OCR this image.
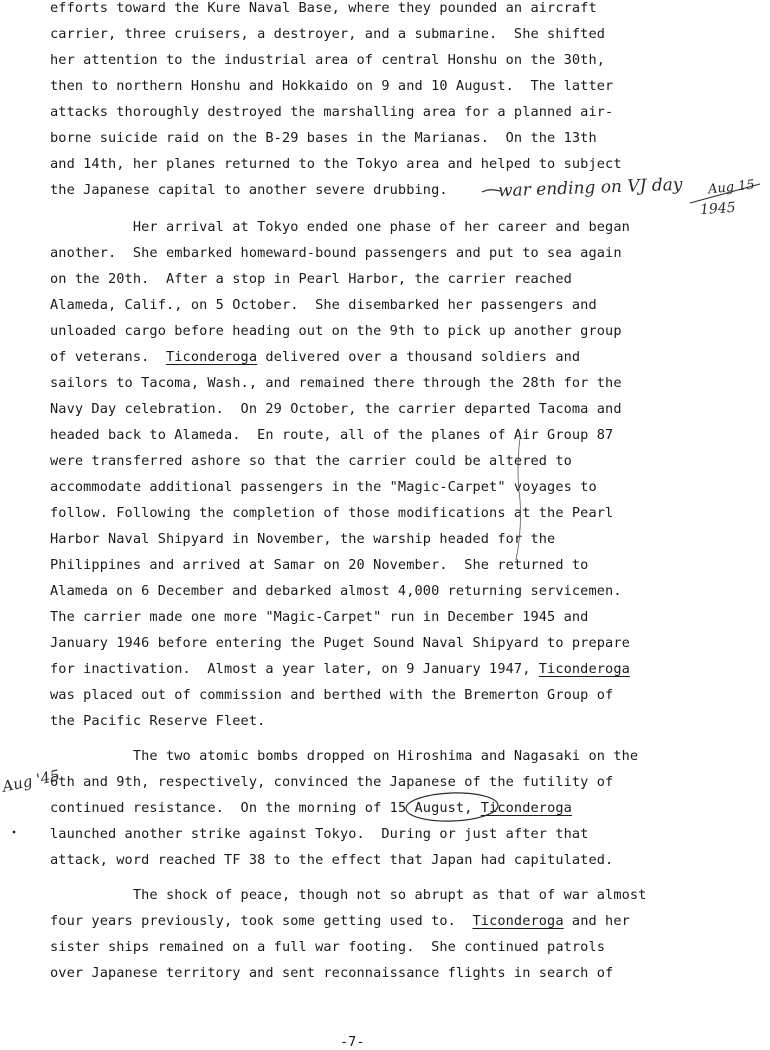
efforts toward the Kure Naval Base, where they pounded an aircraft
carrier, three cruisers, a destroyer, and a submarine.  She shifted
her attention to the industrial area of central Honshu on the 30th,
then to northern Honshu and Hokkaido on 9 and 10 August.  The latter
attacks thoroughly destroyed the marshalling area for a planned air-
borne suicide raid on the B-29 bases in the Marianas.  On the 13th
and 14th, her planes returned to the Tokyo area and helped to subject
the Japanese capital to another severe drubbing.
Her arrival at Tokyo ended one phase of her career and began
another.  She embarked homeward-bound passengers and put to sea again
on the 20th.  After a stop in Pearl Harbor, the carrier reached
Alameda, Calif., on 5 October.  She disembarked her passengers and
unloaded cargo before heading out on the 9th to pick up another group
of veterans.  Ticonderoga delivered over a thousand soldiers and
sailors to Tacoma, Wash., and remained there through the 28th for the
Navy Day celebration.  On 29 October, the carrier departed Tacoma and
headed back to Alameda.  En route, all of the planes of Air Group 87
were transferred ashore so that the carrier could be altered to
accommodate additional passengers in the "Magic-Carpet" voyages to
follow. Following the completion of those modifications at the Pearl
Harbor Naval Shipyard in November, the warship headed for the
Philippines and arrived at Samar on 20 November.  She returned to
Alameda on 6 December and debarked almost 4,000 returning servicemen.
The carrier made one more "Magic-Carpet" run in December 1945 and
January 1946 before entering the Puget Sound Naval Shipyard to prepare
for inactivation.  Almost a year later, on 9 January 1947, Ticonderoga
was placed out of commission and berthed with the Bremerton Group of
the Pacific Reserve Fleet.
The two atomic bombs dropped on Hiroshima and Nagasaki on the
6th and 9th, respectively, convinced the Japanese of the futility of
continued resistance.  On the morning of 15 August, Ticonderoga
launched another strike against Tokyo.  During or just after that
attack, word reached TF 38 to the effect that Japan had capitulated.
The shock of peace, though not so abrupt as that of war almost
four years previously, took some getting used to.  Ticonderoga and her
sister ships remained on a full war footing.  She continued patrols
over Japanese territory and sent reconnaissance flights in search of
war ending on VJ day Aug 15
1945
Aug '45
-7-
